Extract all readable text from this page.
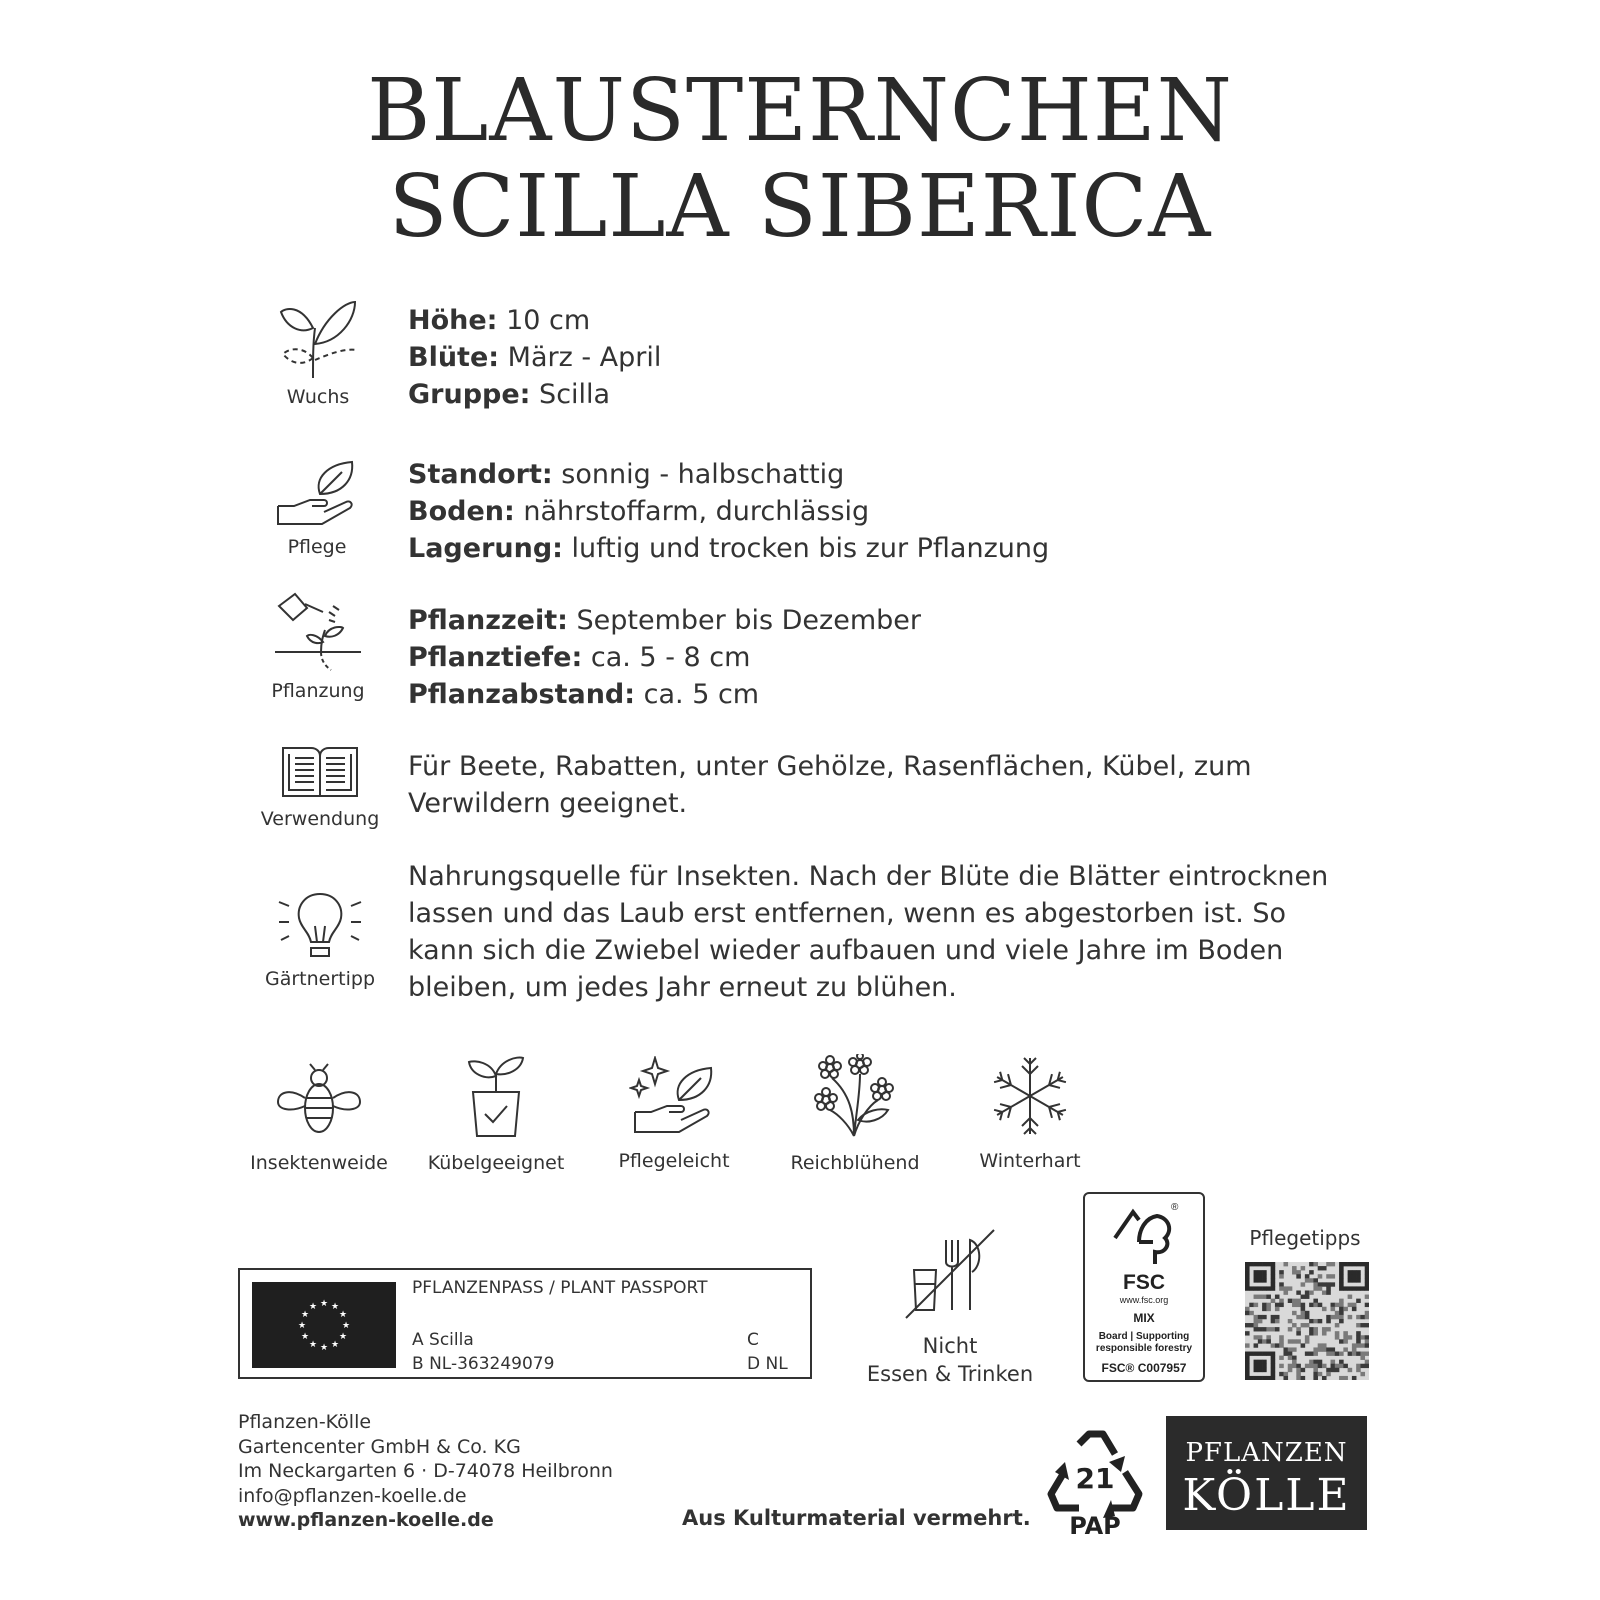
BLAUSTERNCHEN
SCILLA SIBERICA
Wuchs
Höhe: 10 cm
Blüte: März - April
Gruppe: Scilla
Pflege
Standort: sonnig - halbschattig
Boden: nährstoffarm, durchlässig
Lagerung: luftig und trocken bis zur Pflanzung
Pflanzung
Pflanzzeit: September bis Dezember
Pflanztiefe: ca. 5 - 8 cm
Pflanzabstand: ca. 5 cm
Verwendung
Für Beete, Rabatten, unter Gehölze, Rasenflächen, Kübel, zum
Verwildern geeignet.
Gärtnertipp
Nahrungsquelle für Insekten. Nach der Blüte die Blätter eintrocknen
lassen und das Laub erst entfernen, wenn es abgestorben ist. So
kann sich die Zwiebel wieder aufbauen und viele Jahre im Boden
bleiben, um jedes Jahr erneut zu blühen.
Insektenweide	Kübelgeeignet	Pflegeleicht	Reichblühend	Winterhart
★ ★
★
★
★
★
★
★
★
★
★
★
PFLANZENPASS / PLANT PASSPORT
A Scilla
B NL-363249079
C
D NL
Nicht
Essen & Trinken
®
FSC
www.fsc.org
MIX
Board | Supporting
responsible forestry
FSC® C007957
Pflegetipps
Pflanzen-Kölle
Gartencenter GmbH & Co. KG
Im Neckargarten 6 · D-74078 Heilbronn
info@pflanzen-koelle.de
www.pflanzen-koelle.de	Aus Kulturmaterial vermehrt.
21
PAP
PFLANZEN
KÖLLE
